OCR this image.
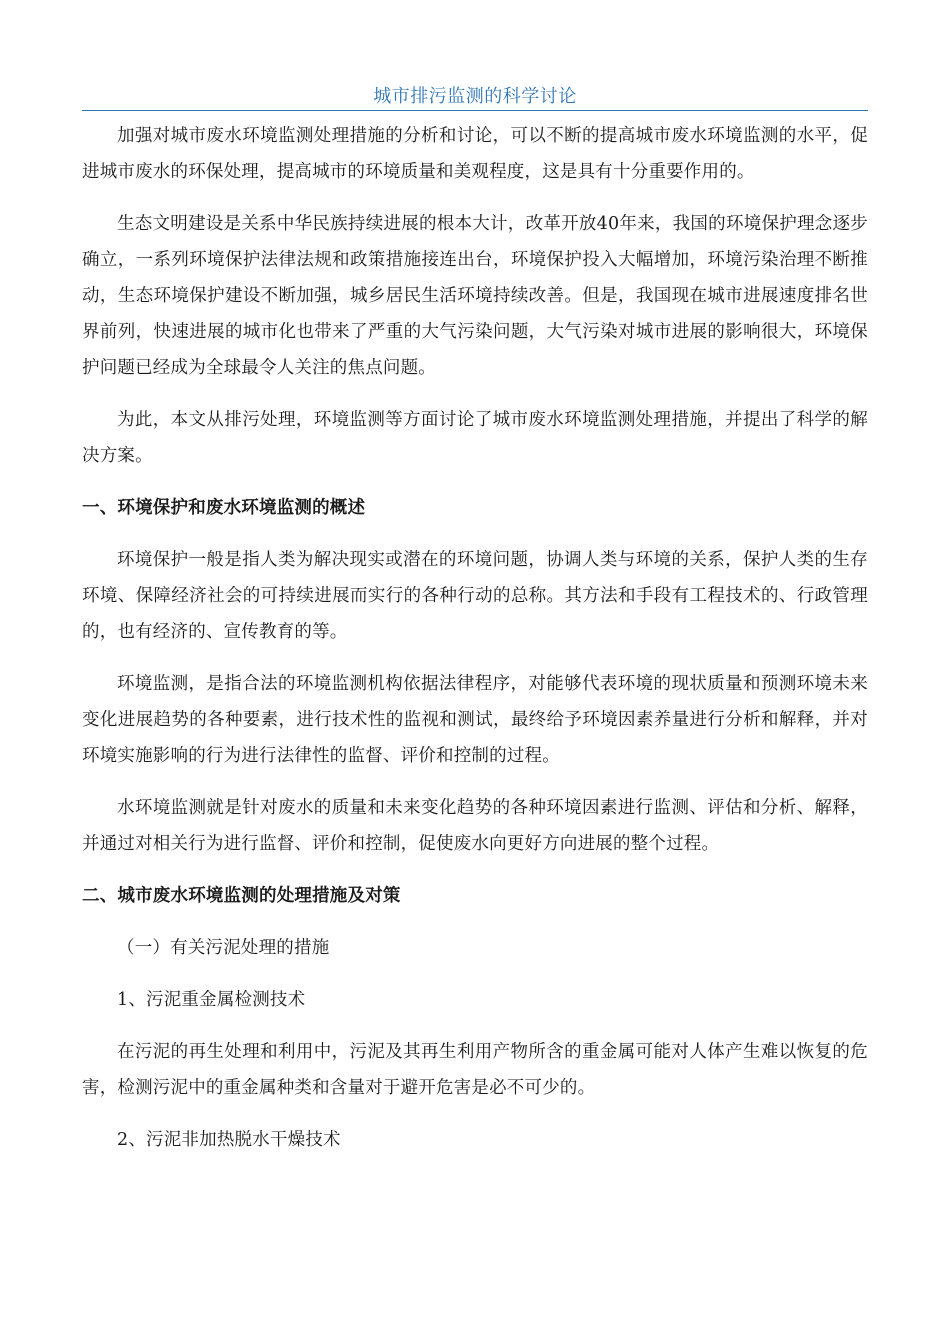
城市排污监测的科学讨论

加强对城市废水环境监测处理措施的分析和讨论，可以不断的提高城市废水环境监测的水平，促进城市废水的环保处理，提高城市的环境质量和美观程度，这是具有十分重要作用的。

生态文明建设是关系中华民族持续进展的根本大计，改革开放40年来，我国的环境保护理念逐步确立，一系列环境保护法律法规和政策措施接连出台，环境保护投入大幅增加，环境污染治理不断推动，生态环境保护建设不断加强，城乡居民生活环境持续改善。但是，我国现在城市进展速度排名世界前列，快速进展的城市化也带来了严重的大气污染问题，大气污染对城市进展的影响很大，环境保护问题已经成为全球最令人关注的焦点问题。

为此，本文从排污处理，环境监测等方面讨论了城市废水环境监测处理措施，并提出了科学的解决方案。

一、环境保护和废水环境监测的概述

环境保护一般是指人类为解决现实或潜在的环境问题，协调人类与环境的关系，保护人类的生存环境、保障经济社会的可持续进展而实行的各种行动的总称。其方法和手段有工程技术的、行政管理的，也有经济的、宣传教育的等。

环境监测，是指合法的环境监测机构依据法律程序，对能够代表环境的现状质量和预测环境未来变化进展趋势的各种要素，进行技术性的监视和测试，最终给予环境因素养量进行分析和解释，并对环境实施影响的行为进行法律性的监督、评价和控制的过程。

水环境监测就是针对废水的质量和未来变化趋势的各种环境因素进行监测、评估和分析、解释，并通过对相关行为进行监督、评价和控制，促使废水向更好方向进展的整个过程。

二、城市废水环境监测的处理措施及对策

（一）有关污泥处理的措施

1、污泥重金属检测技术

在污泥的再生处理和利用中，污泥及其再生利用产物所含的重金属可能对人体产生难以恢复的危害，检测污泥中的重金属种类和含量对于避开危害是必不可少的。

2、污泥非加热脱水干燥技术
